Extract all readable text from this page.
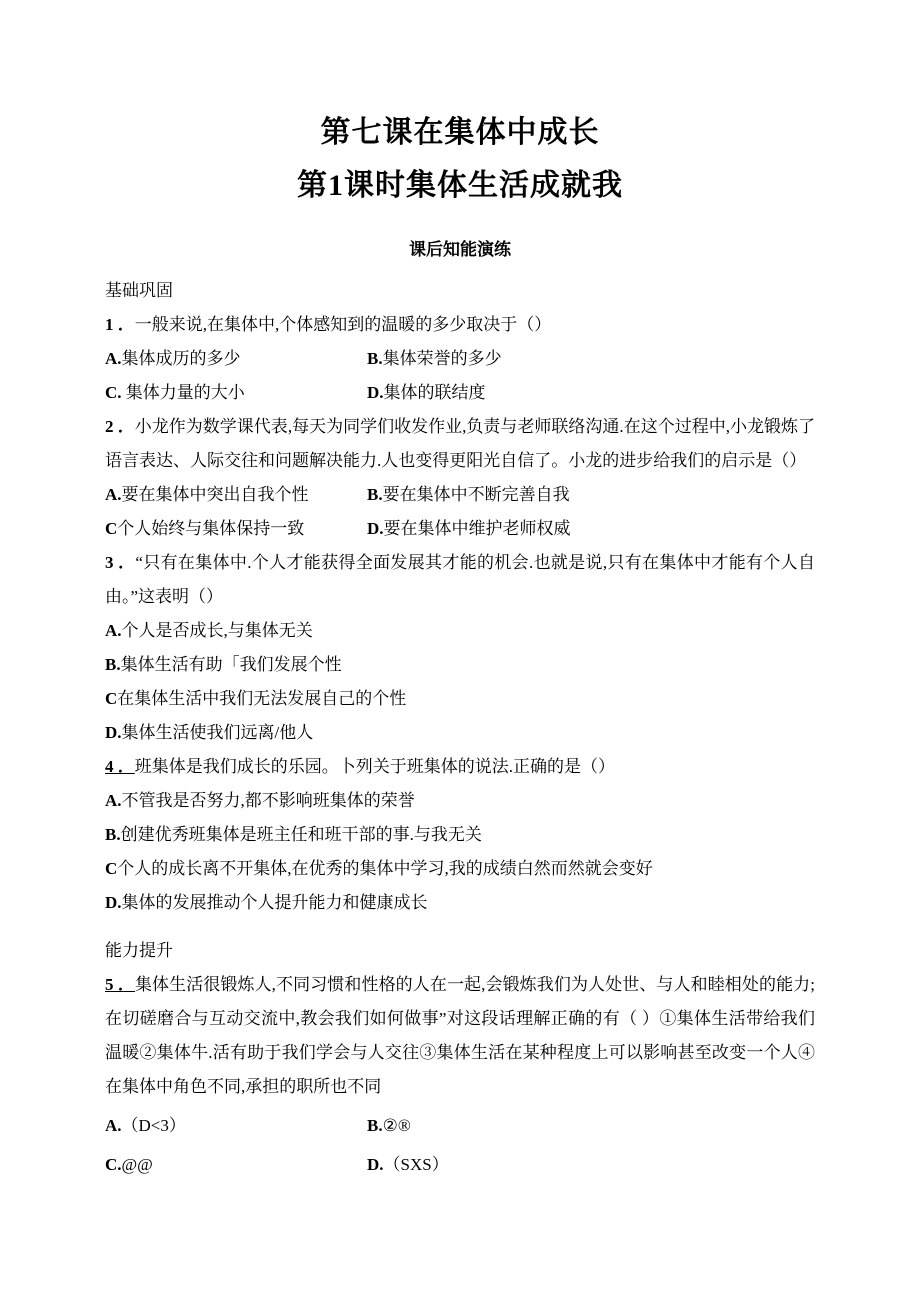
第七课在集体中成长
第1课时集体生活成就我
课后知能演练
基础巩固

1 ．一般来说,在集体中,个体感知到的温暖的多少取决于（）

A.集体成历的多少	B.集体荣誉的多少

C. 集体力量的大小	D.集体的联结度

2 ．小龙作为数学课代表,每天为同学们收发作业,负责与老师联络沟通.在这个过程中,小龙锻炼了语言表达、人际交往和问题解决能力.人也变得更阳光自信了。小龙的进步给我们的启示是（）

A.要在集体中突出自我个性	B.要在集体中不断完善自我

C个人始终与集体保持一致	D.要在集体中维护老师权威

3 ．“只有在集体中.个人才能获得全面发展其才能的机会.也就是说,只有在集体中才能有个人自由。”这表明（）

A.个人是否成长,与集体无关

B.集体生活有助「我们发展个性

C在集体生活中我们无法发展自己的个性

D.集体生活使我们远离/他人

4 ．班集体是我们成长的乐园。卜列关于班集体的说法.正确的是（）

A.不管我是否努力,都不影响班集体的荣誉

B.创建优秀班集体是班主任和班干部的事.与我无关

C个人的成长离不开集体,在优秀的集体中学习,我的成绩白然而然就会变好

D.集体的发展推动个人提升能力和健康成长

能力提升

5 ．集体生活很锻炼人,不同习惯和性格的人在一起,会锻炼我们为人处世、与人和睦相处的能力;在切磋磨合与互动交流中,教会我们如何做事”对这段话理解正确的有（ ）①集体生活带给我们温暖②集体牛.活有助于我们学会与人交往③集体生活在某种程度上可以影响甚至改变一个人④在集体中角色不同,承担的职所也不同

A.（D<3）	B.②®

C.@@	D.（SXS）
